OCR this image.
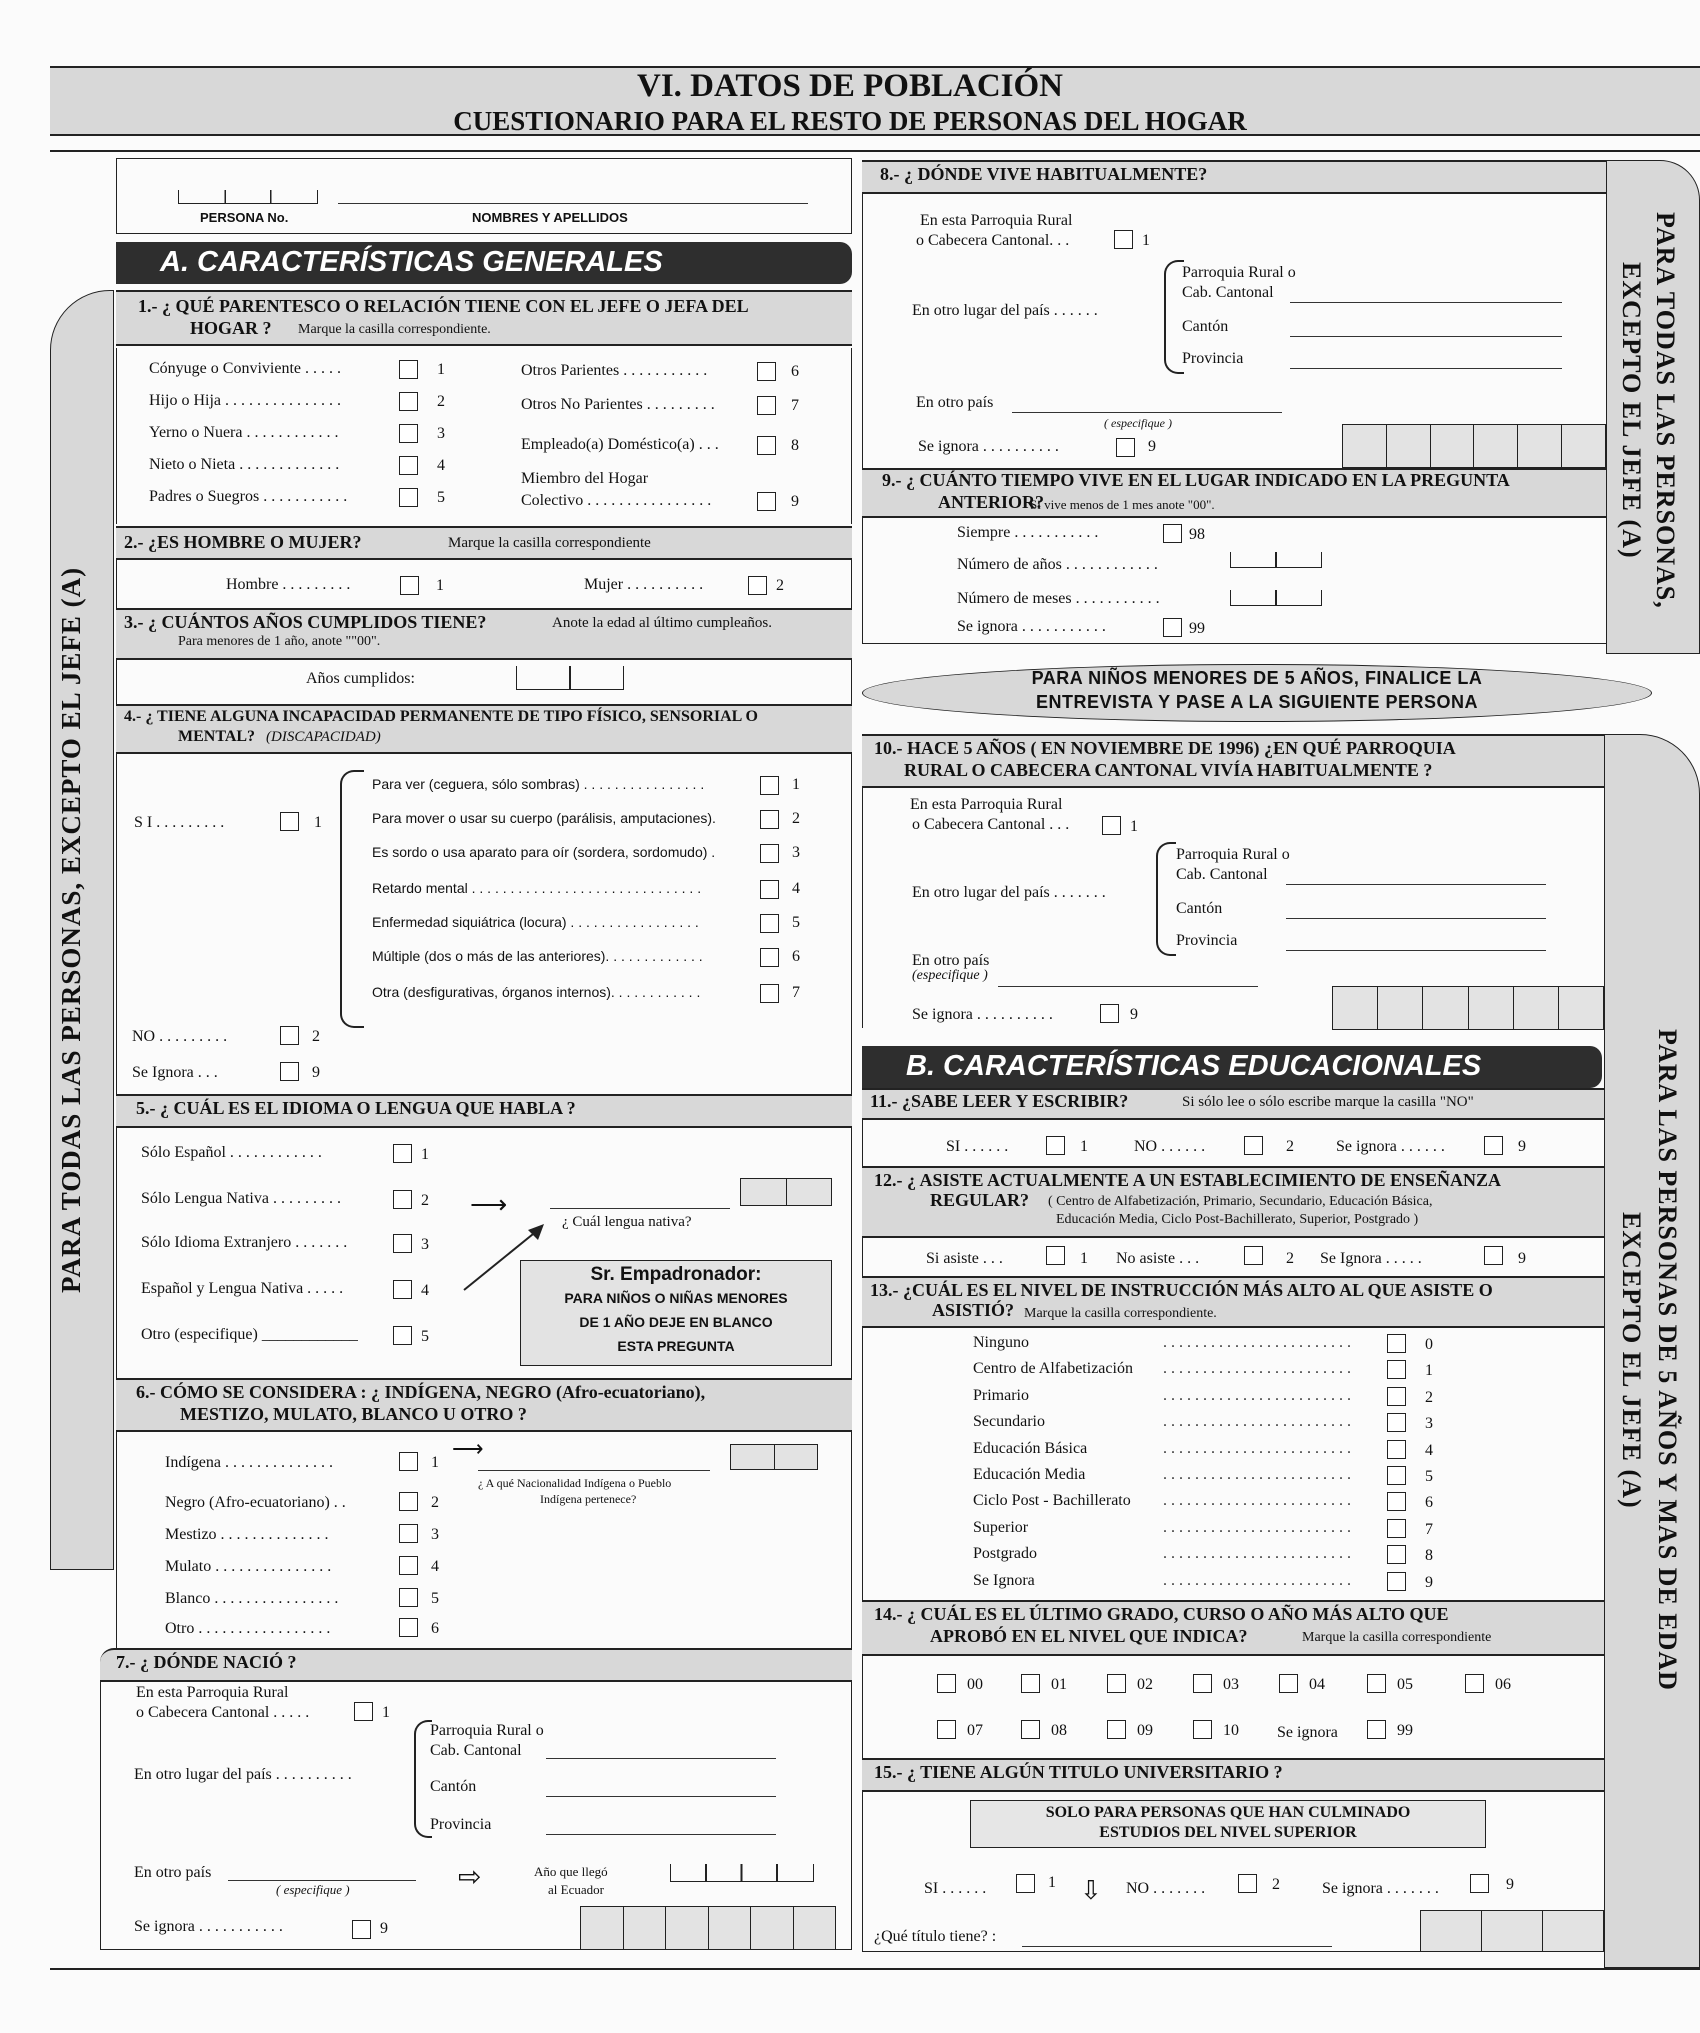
VI. DATOS DE POBLACIÓN
CUESTIONARIO PARA EL RESTO DE PERSONAS DEL HOGAR
PARA TODAS LAS PERSONAS, EXCEPTO EL JEFE (A)
PERSONA No.	NOMBRES Y APELLIDOS
A. CARACTERÍSTICAS GENERALES
1.- ¿ QUÉ PARENTESCO O RELACIÓN TIENE CON EL JEFE O JEFA DEL
HOGAR ? Marque la casilla correspondiente.
Cónyuge o Conviviente . . . . .	1
Hijo o Hija . . . . . . . . . . . . . . .	2
Yerno o Nuera . . . . . . . . . . . .	3
Nieto o Nieta . . . . . . . . . . . . .	4
Padres o Suegros . . . . . . . . . . .	5
Otros Parientes . . . . . . . . . . .	6
Otros No Parientes . . . . . . . . .	7
Empleado(a) Doméstico(a) . . .	8
Miembro del Hogar
Colectivo . . . . . . . . . . . . . . . .	9
2.- ¿ES HOMBRE O MUJER?	Marque la casilla correspondiente
Hombre . . . . . . . . .	1	Mujer . . . . . . . . . .	2
3.- ¿ CUÁNTOS AÑOS CUMPLIDOS TIENE?	Anote la edad al último cumpleaños.
Para menores de 1 año, anote ""00".
Años cumplidos:
4.- ¿ TIENE ALGUNA INCAPACIDAD PERMANENTE DE TIPO FÍSICO, SENSORIAL O
MENTAL? (DISCAPACIDAD)
S I . . . . . . . . .	1
Para ver (ceguera, sólo sombras) . . . . . . . . . . . . . . . .	1
Para mover o usar su cuerpo (parálisis, amputaciones).	2
Es sordo o usa aparato para oír (sordera, sordomudo) .	3
Retardo mental . . . . . . . . . . . . . . . . . . . . . . . . . . . . . .	4
Enfermedad siquiátrica (locura) . . . . . . . . . . . . . . . . .	5
Múltiple (dos o más de las anteriores). . . . . . . . . . . . .	6
Otra (desfigurativas, órganos internos). . . . . . . . . . . .	7
NO . . . . . . . . .	2
Se Ignora . . .	9
5.- ¿ CUÁL ES EL IDIOMA O LENGUA QUE HABLA ?
Sólo Español . . . . . . . . . . . .	1
Sólo Lengua Nativa . . . . . . . . .	2
Sólo Idioma Extranjero . . . . . . .	3
Español y Lengua Nativa . . . . .	4
Otro (especifique) ____________	5
⟶
¿ Cuál lengua nativa?
Sr. Empadronador:
PARA NIÑOS O NIÑAS MENORES
DE 1 AÑO DEJE EN BLANCO
ESTA PREGUNTA
6.- CÓMO SE CONSIDERA : ¿ INDÍGENA, NEGRO (Afro-ecuatoriano),
MESTIZO, MULATO, BLANCO U OTRO ?
Indígena . . . . . . . . . . . . . .	1
Negro (Afro-ecuatoriano) . .	2
Mestizo . . . . . . . . . . . . . .	3
Mulato . . . . . . . . . . . . . . .	4
Blanco . . . . . . . . . . . . . . . .	5
Otro . . . . . . . . . . . . . . . . .	6
⟶
¿ A qué Nacionalidad Indígena o Pueblo
Indígena pertenece?
7.- ¿ DÓNDE NACIÓ ?
En esta Parroquia Rural
o Cabecera Cantonal . . . . .	1
En otro lugar del país . . . . . . . . . .
Parroquia Rural o
Cab. Cantonal
Cantón
Provincia
En otro país
( especifique )	⇨	Año que llegó
al Ecuador
Se ignora . . . . . . . . . . .	9
PARA TODAS LAS PERSONAS,
EXCEPTO EL JEFE (A)
PARA LAS PERSONAS DE 5 AÑOS Y MAS DE EDAD
EXCEPTO EL JEFE (A)
8.- ¿ DÓNDE VIVE HABITUALMENTE?
En esta Parroquia Rural
o Cabecera Cantonal. . .	1
En otro lugar del país . . . . . .
Parroquia Rural o
Cab. Cantonal
Cantón
Provincia
En otro país
( especifique )
Se ignora . . . . . . . . . .	9
9.- ¿ CUÁNTO TIEMPO VIVE EN EL LUGAR INDICADO EN LA PREGUNTA
ANTERIOR?
Si vive menos de 1 mes anote "00".
Siempre . . . . . . . . . . .	98
Número de años . . . . . . . . . . . .
Número de meses . . . . . . . . . . .
Se ignora . . . . . . . . . . .	99
PARA NIÑOS MENORES DE 5 AÑOS, FINALICE LA
ENTREVISTA Y PASE A LA SIGUIENTE PERSONA
10.- HACE 5 AÑOS ( EN NOVIEMBRE DE 1996) ¿EN QUÉ PARROQUIA
RURAL O CABECERA CANTONAL VIVÍA HABITUALMENTE ?
En esta Parroquia Rural
o Cabecera Cantonal . . .	1
En otro lugar del país . . . . . . .
Parroquia Rural o
Cab. Cantonal
Cantón
Provincia
En otro país
(especifique )
Se ignora . . . . . . . . . .	9
B. CARACTERÍSTICAS EDUCACIONALES
11.- ¿SABE LEER Y ESCRIBIR?	Si sólo lee o sólo escribe marque la casilla "NO"
SI . . . . . .	1	NO . . . . . .	2	Se ignora . . . . . .	9
12.- ¿ ASISTE ACTUALMENTE A UN ESTABLECIMIENTO DE ENSEÑANZA
REGULAR? ( Centro de Alfabetización, Primario, Secundario, Educación Básica,
Educación Media, Ciclo Post-Bachillerato, Superior, Postgrado )
Si asiste . . .	1 No asiste . . .	2 Se Ignora . . . . .	9
13.- ¿CUÁL ES EL NIVEL DE INSTRUCCIÓN MÁS ALTO AL QUE ASISTE O
ASISTIÓ? Marque la casilla correspondiente.
Ninguno	. . . . . . . . . . . . . . . . . . . . . . . .	0
Centro de Alfabetización . . . . . . . . . . . . . . . . . . . . . . . .	1
Primario	. . . . . . . . . . . . . . . . . . . . . . . .	2
Secundario	. . . . . . . . . . . . . . . . . . . . . . . .	3
Educación Básica	. . . . . . . . . . . . . . . . . . . . . . . .	4
Educación Media	. . . . . . . . . . . . . . . . . . . . . . . .	5
Ciclo Post - Bachillerato . . . . . . . . . . . . . . . . . . . . . . . .	6
Superior	. . . . . . . . . . . . . . . . . . . . . . . .	7
Postgrado	. . . . . . . . . . . . . . . . . . . . . . . .	8
Se Ignora	. . . . . . . . . . . . . . . . . . . . . . . .	9
14.- ¿ CUÁL ES EL ÚLTIMO GRADO, CURSO O AÑO MÁS ALTO QUE
APROBÓ EN EL NIVEL QUE INDICA?	Marque la casilla correspondiente
00	01	02	03	04	05	06
07	08	09	10 Se ignora	99
15.- ¿ TIENE ALGÚN TITULO UNIVERSITARIO ?
SOLO PARA PERSONAS QUE HAN CULMINADO
ESTUDIOS DEL NIVEL SUPERIOR
SI . . . . . .	1 ⇩ NO . . . . . . .	2	Se ignora . . . . . . .	9
¿Qué título tiene? :
